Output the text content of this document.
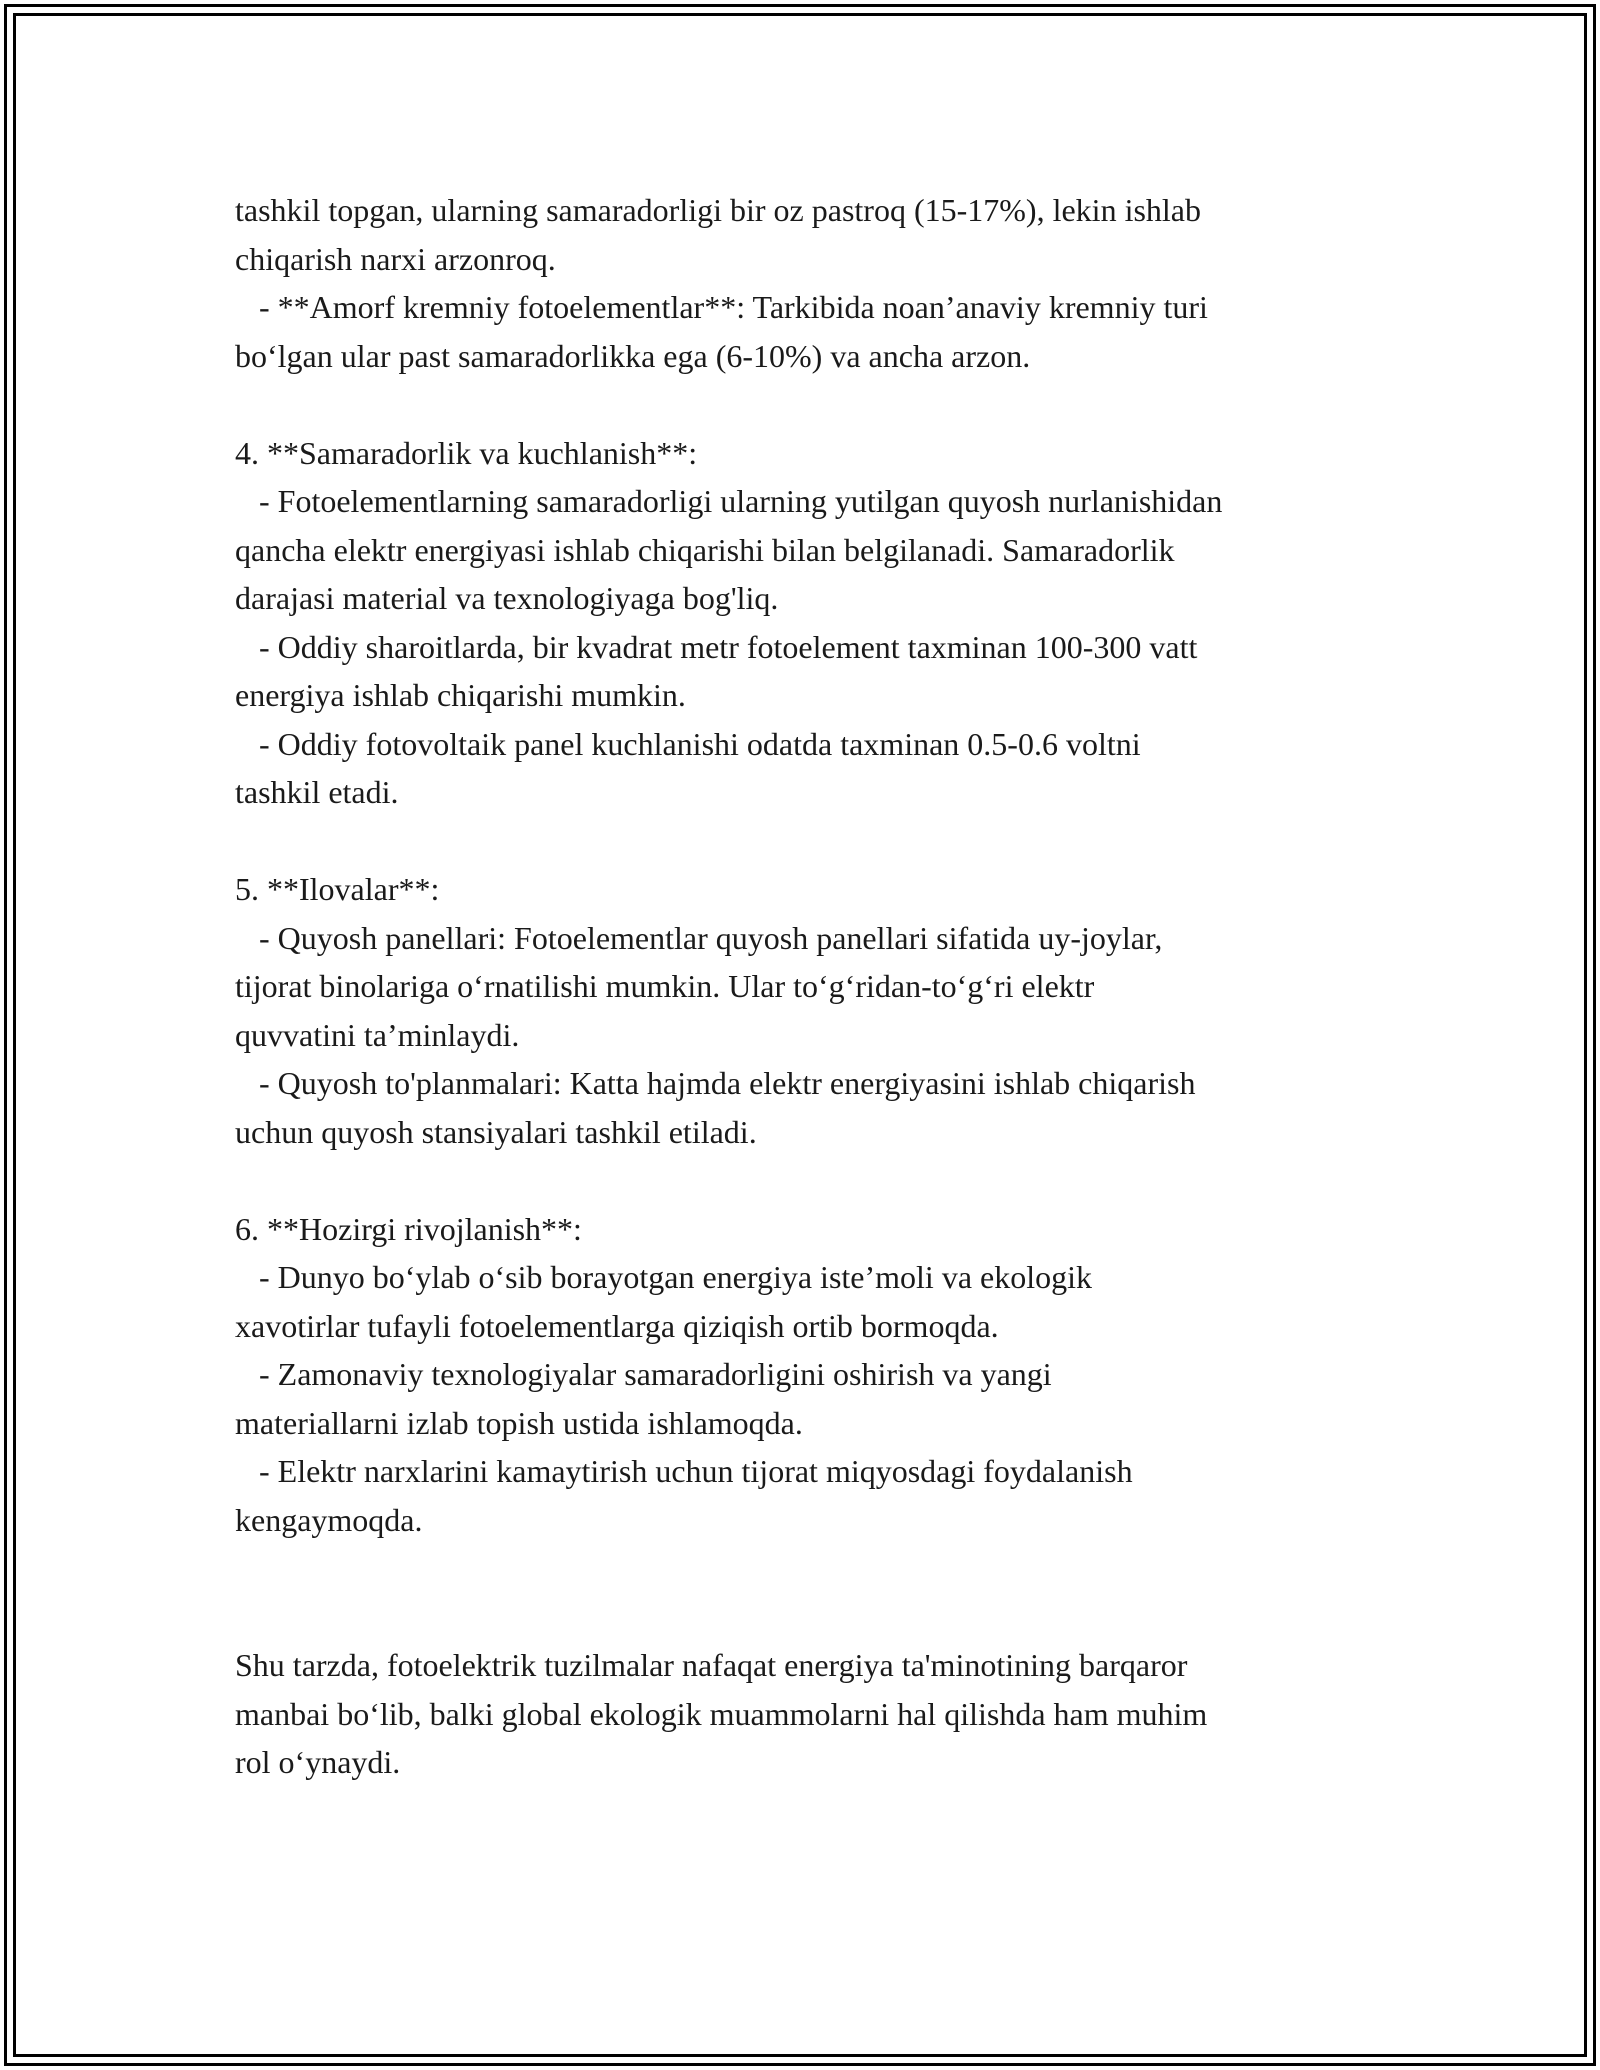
tashkil topgan, ularning samaradorligi bir oz pastroq (15-17%), lekin ishlab
chiqarish narxi arzonroq.
- **Amorf kremniy fotoelementlar**: Tarkibida noan’anaviy kremniy turi
bo‘lgan ular past samaradorlikka ega (6-10%) va ancha arzon.
4. **Samaradorlik va kuchlanish**:
- Fotoelementlarning samaradorligi ularning yutilgan quyosh nurlanishidan
qancha elektr energiyasi ishlab chiqarishi bilan belgilanadi. Samaradorlik
darajasi material va texnologiyaga bog'liq.
- Oddiy sharoitlarda, bir kvadrat metr fotoelement taxminan 100-300 vatt
energiya ishlab chiqarishi mumkin.
- Oddiy fotovoltaik panel kuchlanishi odatda taxminan 0.5-0.6 voltni
tashkil etadi.
5. **Ilovalar**:
- Quyosh panellari: Fotoelementlar quyosh panellari sifatida uy-joylar,
tijorat binolariga o‘rnatilishi mumkin. Ular to‘g‘ridan-to‘g‘ri elektr
quvvatini ta’minlaydi.
- Quyosh to'planmalari: Katta hajmda elektr energiyasini ishlab chiqarish
uchun quyosh stansiyalari tashkil etiladi.
6. **Hozirgi rivojlanish**:
- Dunyo bo‘ylab o‘sib borayotgan energiya iste’moli va ekologik
xavotirlar tufayli fotoelementlarga qiziqish ortib bormoqda.
- Zamonaviy texnologiyalar samaradorligini oshirish va yangi
materiallarni izlab topish ustida ishlamoqda.
- Elektr narxlarini kamaytirish uchun tijorat miqyosdagi foydalanish
kengaymoqda.
Shu tarzda, fotoelektrik tuzilmalar nafaqat energiya ta'minotining barqaror
manbai bo‘lib, balki global ekologik muammolarni hal qilishda ham muhim
rol o‘ynaydi.
